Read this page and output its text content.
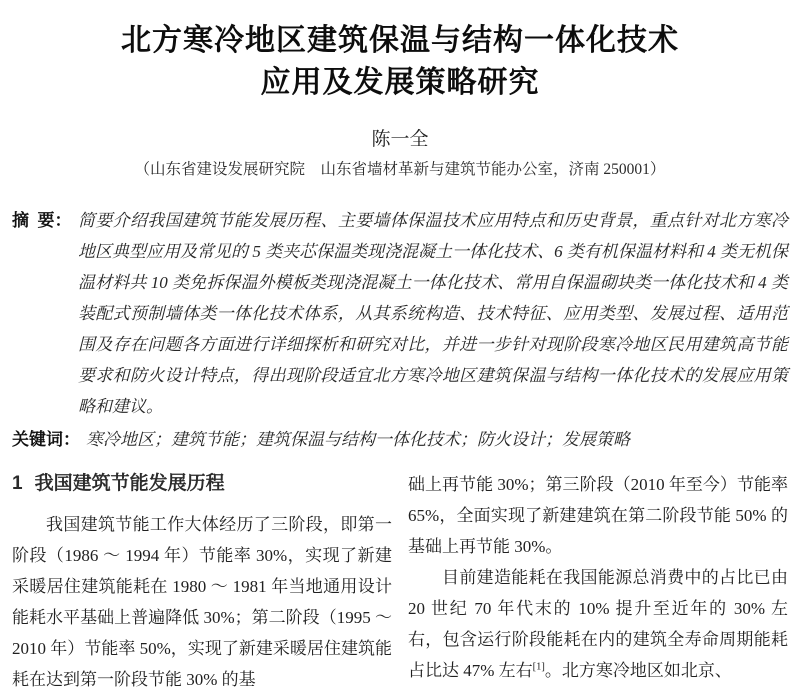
北方寒冷地区建筑保温与结构一体化技术
应用及发展策略研究
陈一全
（山东省建设发展研究院　山东省墙材革新与建筑节能办公室，济南 250001）
摘  要： 简要介绍我国建筑节能发展历程、主要墙体保温技术应用特点和历史背景，重点针对北方寒冷地区典型应用及常见的 5 类夹芯保温类现浇混凝土一体化技术、6 类有机保温材料和 4 类无机保温材料共 10 类免拆保温外模板类现浇混凝土一体化技术、常用自保温砌块类一体化技术和 4 类装配式预制墙体类一体化技术体系，从其系统构造、技术特征、应用类型、发展过程、适用范围及存在问题各方面进行详细探析和研究对比，并进一步针对现阶段寒冷地区民用建筑高节能要求和防火设计特点，得出现阶段适宜北方寒冷地区建筑保温与结构一体化技术的发展应用策略和建议。
关键词： 寒冷地区；建筑节能；建筑保温与结构一体化技术；防火设计；发展策略
1 我国建筑节能发展历程

我国建筑节能工作大体经历了三阶段，即第一阶段（1986 ～ 1994 年）节能率 30%，实现了新建采暖居住建筑能耗在 1980 ～ 1981 年当地通用设计能耗水平基础上普遍降低 30%；第二阶段（1995 ～ 2010 年）节能率 50%，实现了新建采暖居住建筑能耗在达到第一阶段节能 30% 的基

础上再节能 30%；第三阶段（2010 年至今）节能率 65%，全面实现了新建建筑在第二阶段节能 50% 的基础上再节能 30%。

目前建造能耗在我国能源总消费中的占比已由 20 世纪 70 年代末的 10% 提升至近年的 30% 左右，包含运行阶段能耗在内的建筑全寿命周期能耗占比达 47% 左右[1]。北方寒冷地区如北京、
